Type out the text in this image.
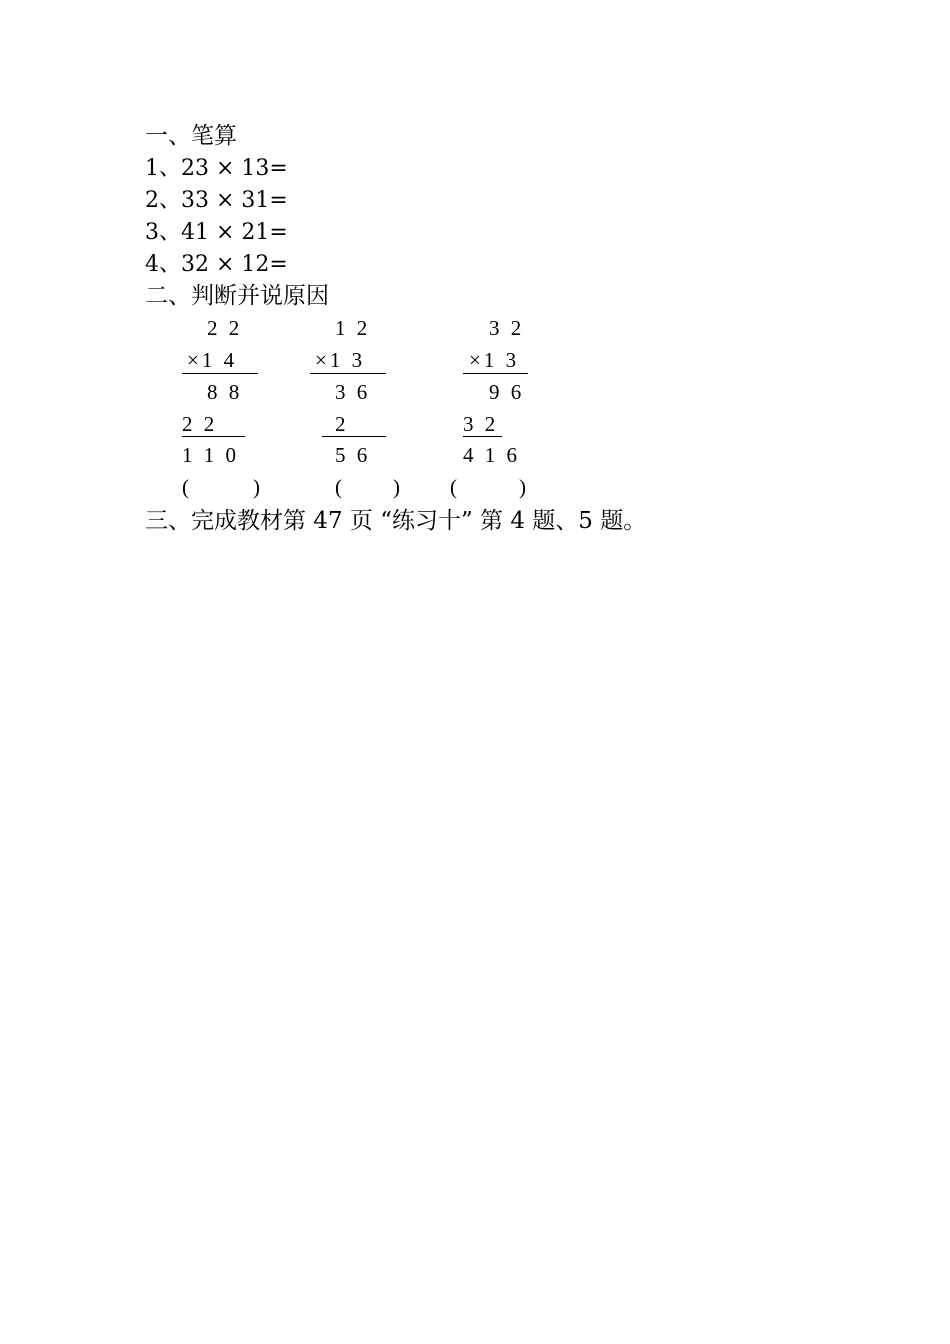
一、笔算
1、23 × 13=
2、33 × 31=
3、41 × 21=
4、32 × 12=
二、判断并说原因
2 2
×1 4
8 8
2 2
1 1 0
(	)
1 2
×1 3
3 6
2
5 6
( )
3 2
×1 3
9 6
3 2
4 1 6
(	)
三、完成教材第 47 页 “练习十” 第 4 题、5 题。
